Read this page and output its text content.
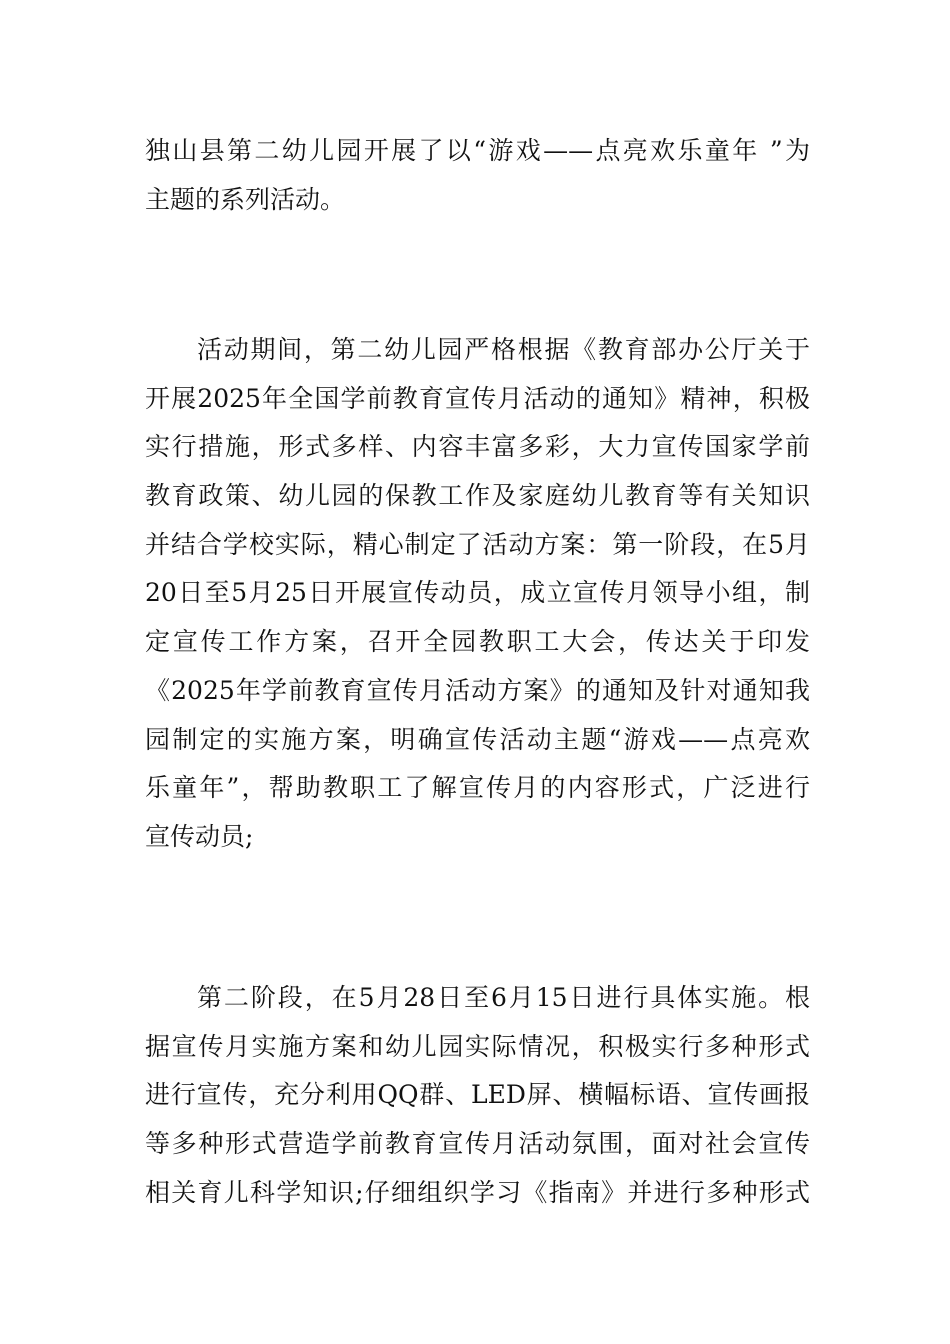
独山县第二幼儿园开展了以“游戏——点亮欢乐童年 ”为
主题的系列活动。
活动期间，第二幼儿园严格根据《教育部办公厅关于
开展2025年全国学前教育宣传月活动的通知》精神，积极
实行措施，形式多样、内容丰富多彩，大力宣传国家学前
教育政策、幼儿园的保教工作及家庭幼儿教育等有关知识
并结合学校实际，精心制定了活动方案：第一阶段，在5月
20日至5月25日开展宣传动员，成立宣传月领导小组，制
定宣传工作方案，召开全园教职工大会，传达关于印发
《2025年学前教育宣传月活动方案》的通知及针对通知我
园制定的实施方案，明确宣传活动主题“游戏——点亮欢
乐童年”，帮助教职工了解宣传月的内容形式，广泛进行
宣传动员;
第二阶段，在5月28日至6月15日进行具体实施。根
据宣传月实施方案和幼儿园实际情况，积极实行多种形式
进行宣传，充分利用QQ群、LED屏、横幅标语、宣传画报
等多种形式营造学前教育宣传月活动氛围，面对社会宣传
相关育儿科学知识;仔细组织学习《指南》并进行多种形式
